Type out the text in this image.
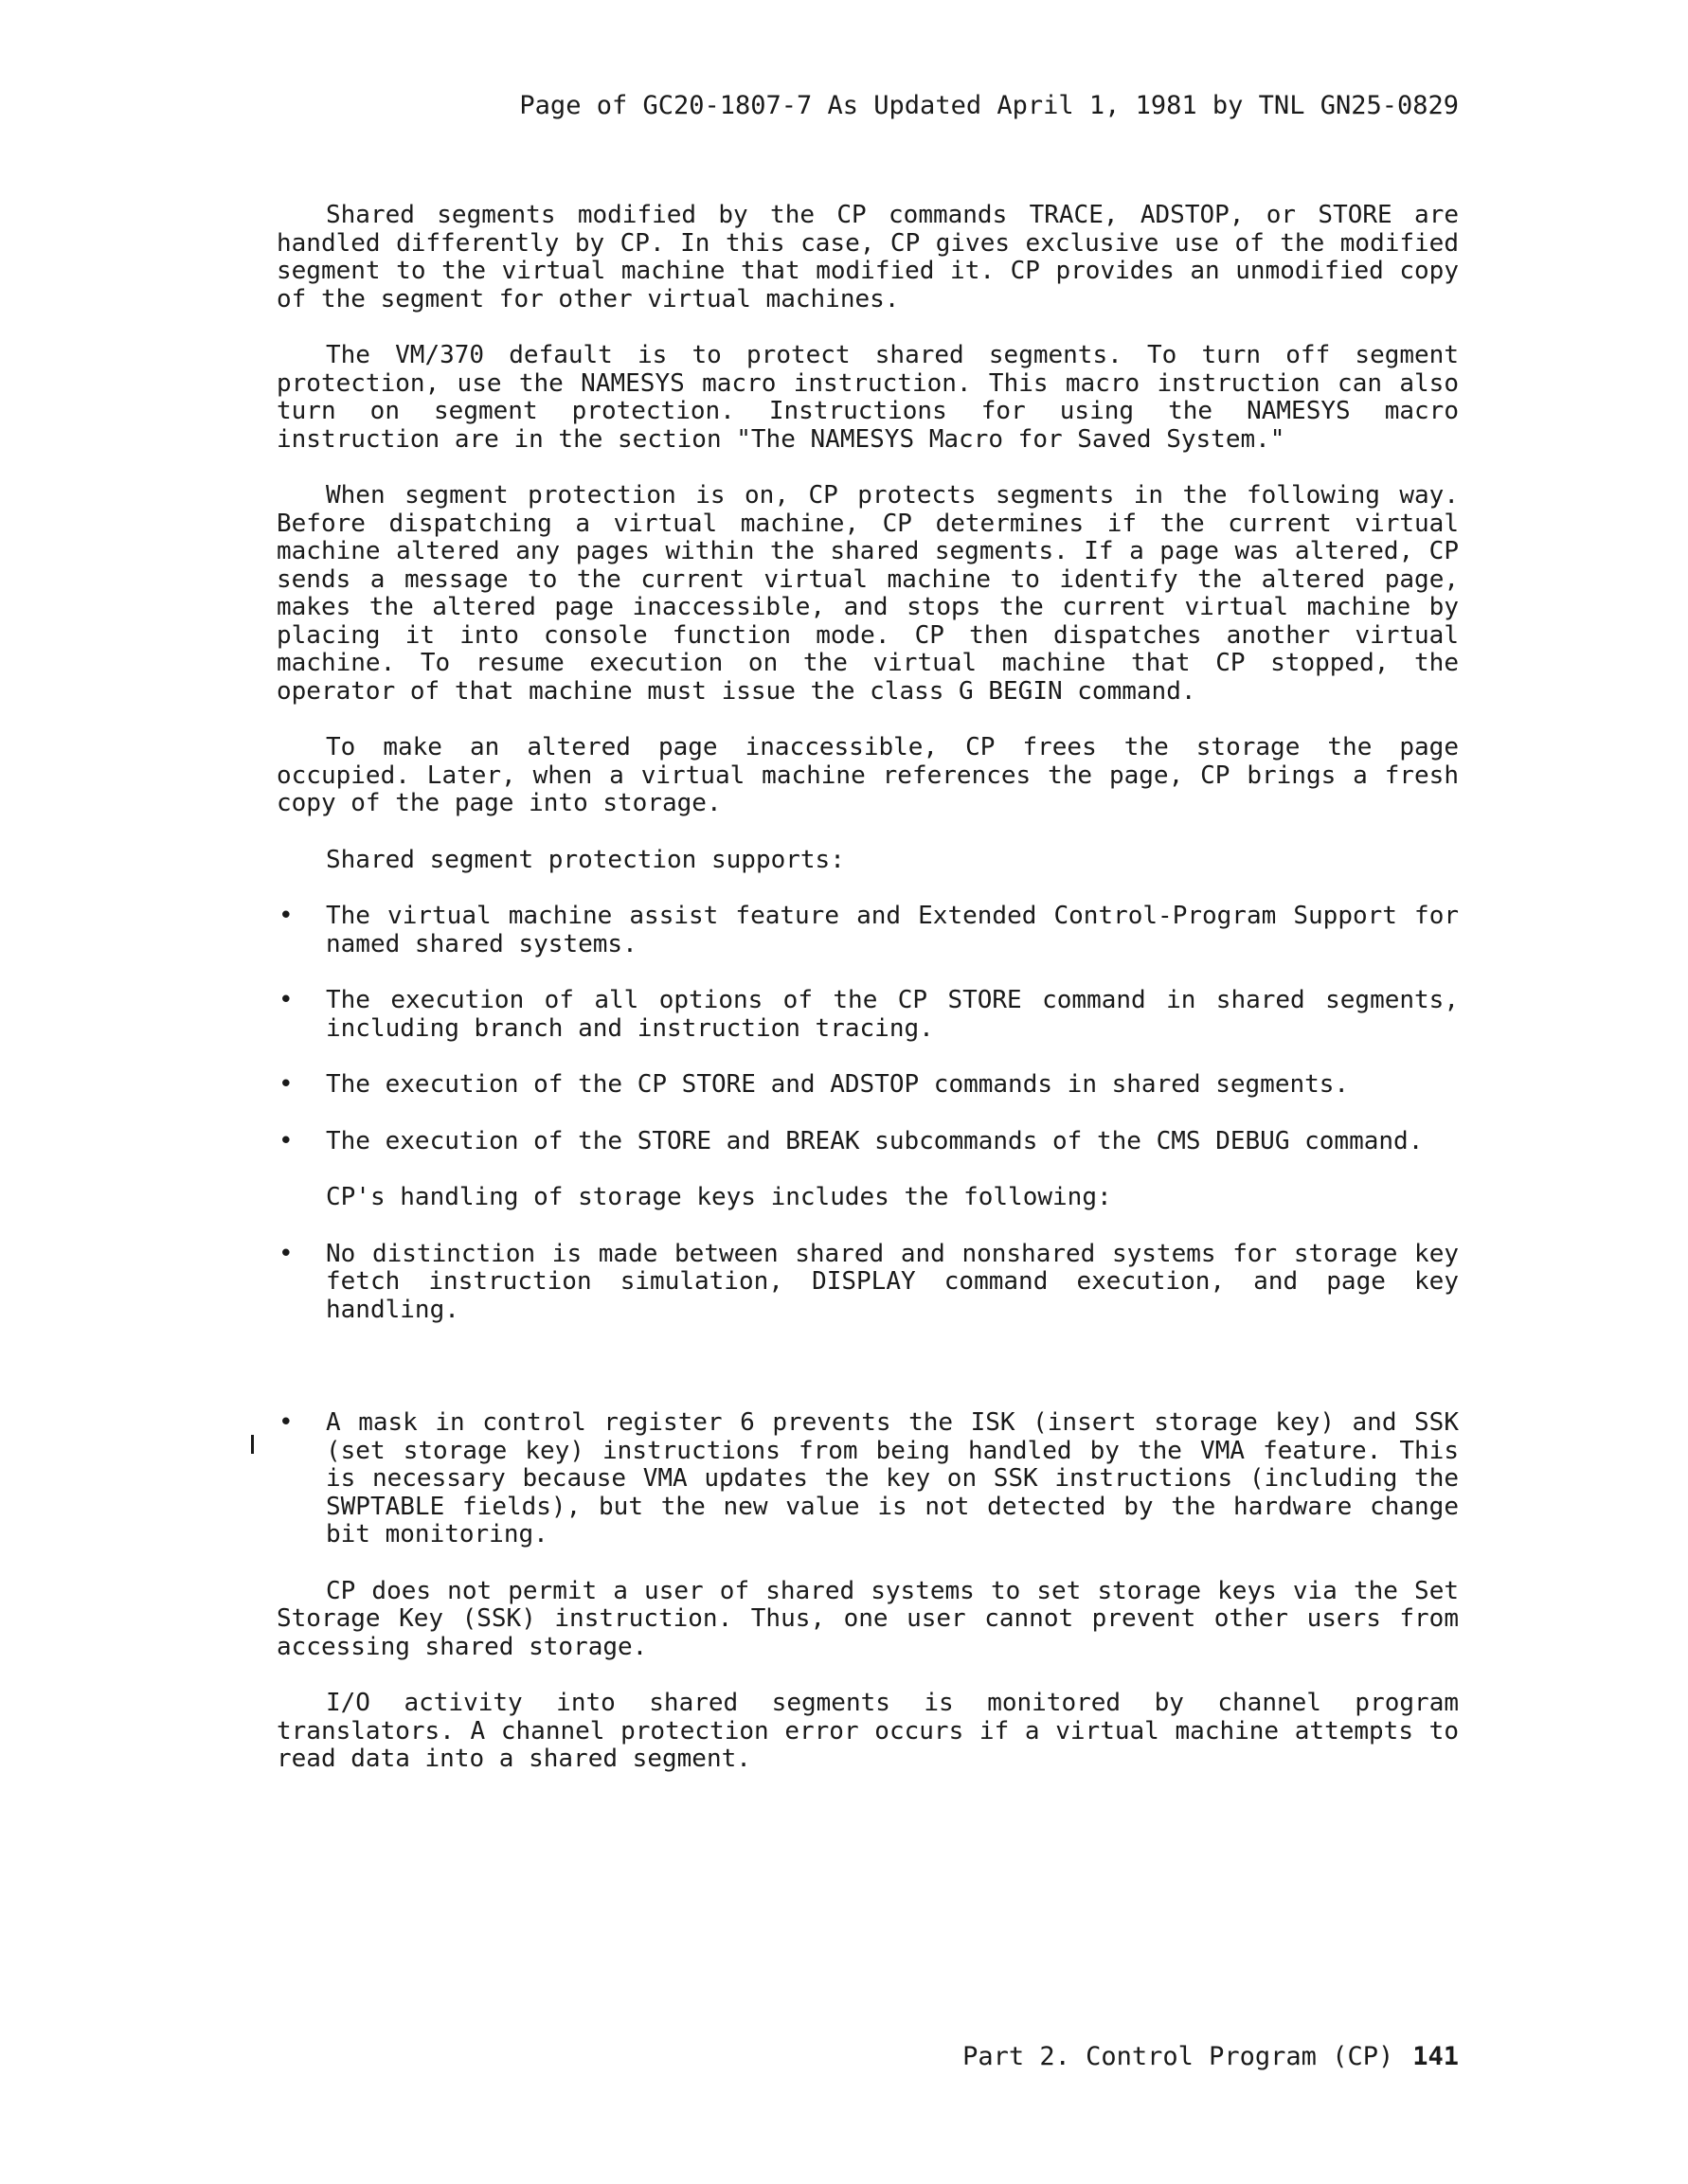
Page of GC20-1807-7 As Updated April 1, 1981 by TNL GN25-0829

Shared segments modified by the CP commands TRACE, ADSTOP, or STORE are handled differently by CP. In this case, CP gives exclusive use of the modified segment to the virtual machine that modified it. CP provides an unmodified copy of the segment for other virtual machines.

The VM/370 default is to protect shared segments. To turn off segment protection, use the NAMESYS macro instruction. This macro instruction can also turn on segment protection. Instructions for using the NAMESYS macro instruction are in the section "The NAMESYS Macro for Saved System."

When segment protection is on, CP protects segments in the following way. Before dispatching a virtual machine, CP determines if the current virtual machine altered any pages within the shared segments. If a page was altered, CP sends a message to the current virtual machine to identify the altered page, makes the altered page inaccessible, and stops the current virtual machine by placing it into console function mode. CP then dispatches another virtual machine. To resume execution on the virtual machine that CP stopped, the operator of that machine must issue the class G BEGIN command.

To make an altered page inaccessible, CP frees the storage the page occupied. Later, when a virtual machine references the page, CP brings a fresh copy of the page into storage.

Shared segment protection supports:

• The virtual machine assist feature and Extended Control-Program Support for named shared systems.
• The execution of all options of the CP STORE command in shared segments, including branch and instruction tracing.
• The execution of the CP STORE and ADSTOP commands in shared segments.
• The execution of the STORE and BREAK subcommands of the CMS DEBUG command.

CP's handling of storage keys includes the following:

• No distinction is made between shared and nonshared systems for storage key fetch instruction simulation, DISPLAY command execution, and page key handling.
• A mask in control register 6 prevents the ISK (insert storage key) and SSK (set storage key) instructions from being handled by the VMA feature. This is necessary because VMA updates the key on SSK instructions (including the SWPTABLE fields), but the new value is not detected by the hardware change bit monitoring.

CP does not permit a user of shared systems to set storage keys via the Set Storage Key (SSK) instruction. Thus, one user cannot prevent other users from accessing shared storage.

I/O activity into shared segments is monitored by channel program translators. A channel protection error occurs if a virtual machine attempts to read data into a shared segment.

Part 2. Control Program (CP) 141
